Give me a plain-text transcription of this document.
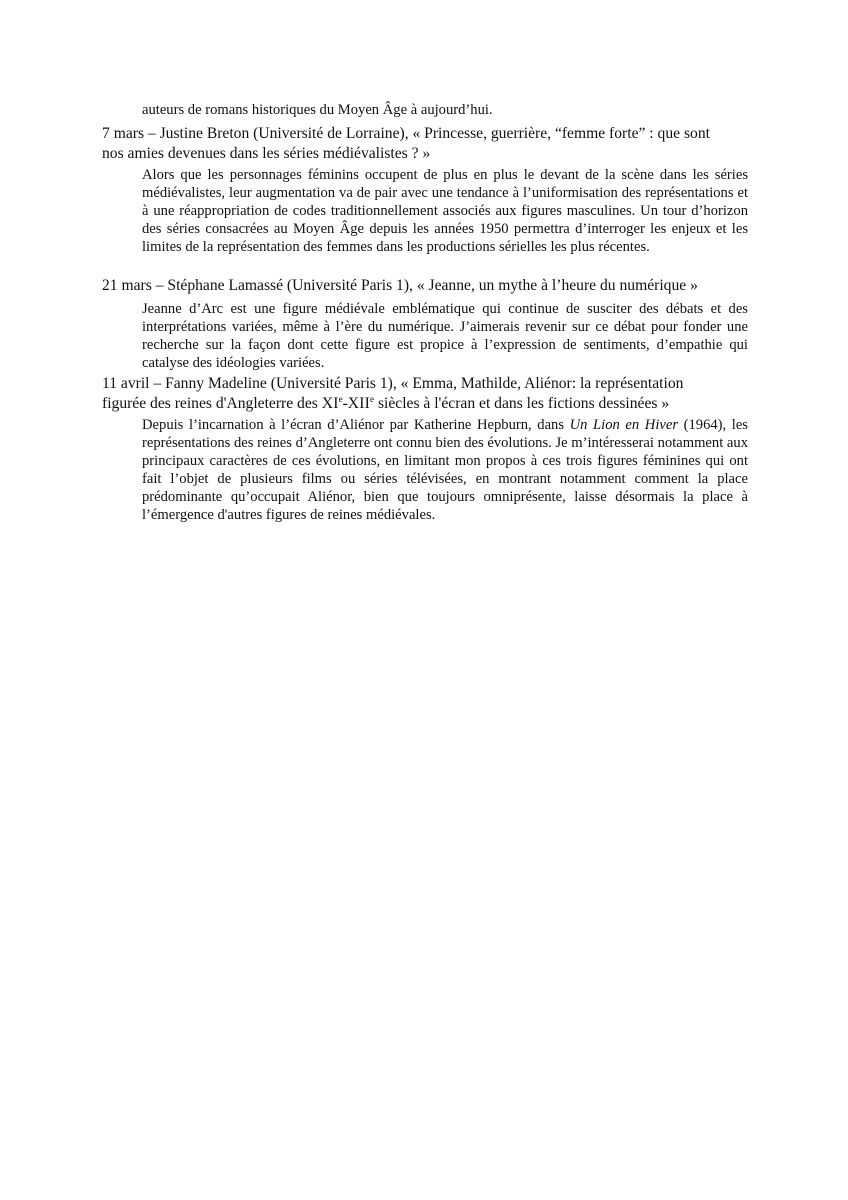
auteurs de romans historiques du Moyen Âge à aujourd’hui.

7 mars – Justine Breton (Université de Lorraine), « Princesse, guerrière, “femme forte” : que sont
nos amies devenues dans les séries médiévalistes ? »

Alors que les personnages féminins occupent de plus en plus le devant de la scène dans les séries médiévalistes, leur augmentation va de pair avec une tendance à l’uniformisation des représentations et à une réappropriation de codes traditionnellement associés aux figures masculines. Un tour d’horizon des séries consacrées au Moyen Âge depuis les années 1950 permettra d’interroger les enjeux et les limites de la représentation des femmes dans les productions sérielles les plus récentes.

21 mars – Stéphane Lamassé (Université Paris 1), « Jeanne, un mythe à l’heure du numérique »

Jeanne d’Arc est une figure médiévale emblématique qui continue de susciter des débats et des interprétations variées, même à l’ère du numérique. J’aimerais revenir sur ce débat pour fonder une recherche sur la façon dont cette figure est propice à l’expression de sentiments, d’empathie qui catalyse des idéologies variées.

11 avril – Fanny Madeline (Université Paris 1), « Emma, Mathilde, Aliénor: la représentation
figurée des reines d'Angleterre des XIe-XIIe siècles à l'écran et dans les fictions dessinées »

Depuis l’incarnation à l’écran d’Aliénor par Katherine Hepburn, dans Un Lion en Hiver (1964), les représentations des reines d’Angleterre ont connu bien des évolutions. Je m’intéresserai notamment aux principaux caractères de ces évolutions, en limitant mon propos à ces trois figures féminines qui ont fait l’objet de plusieurs films ou séries télévisées, en montrant notamment comment la place prédominante qu’occupait Aliénor, bien que toujours omniprésente, laisse désormais la place à l’émergence d'autres figures de reines médiévales.
